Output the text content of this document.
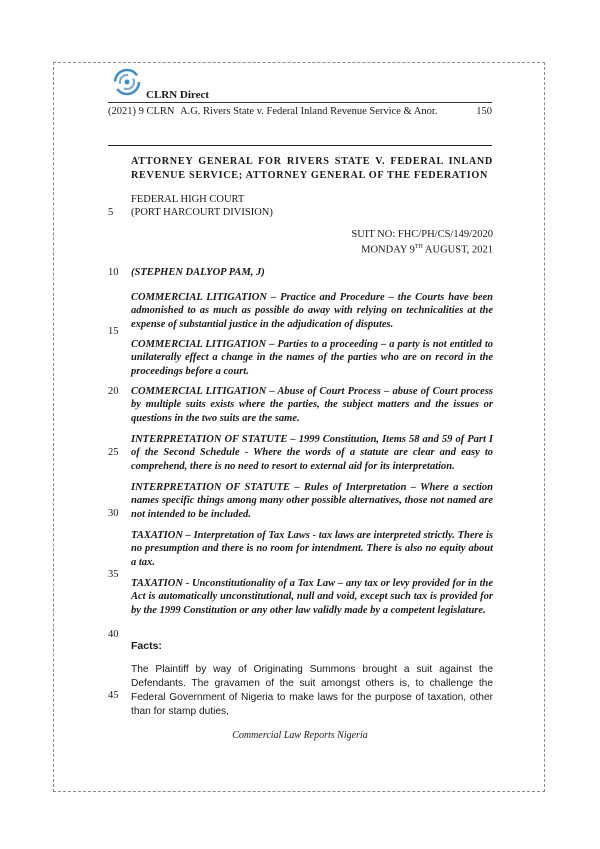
CLRN Direct
(2021) 9 CLRN A.G. Rivers State v. Federal Inland Revenue Service & Anor.	150
ATTORNEY GENERAL FOR RIVERS STATE V. FEDERAL INLAND REVENUE SERVICE; ATTORNEY GENERAL OF THE FEDERATION
FEDERAL HIGH COURT
(PORT HARCOURT DIVISION)
SUIT NO: FHC/PH/CS/149/2020
MONDAY 9TH AUGUST, 2021
(STEPHEN DALYOP PAM, J)
COMMERCIAL LITIGATION – Practice and Procedure – the Courts have been admonished to as much as possible do away with relying on technicalities at the expense of substantial justice in the adjudication of disputes.
COMMERCIAL LITIGATION – Parties to a proceeding – a party is not entitled to unilaterally effect a change in the names of the parties who are on record in the proceedings before a court.
COMMERCIAL LITIGATION – Abuse of Court Process – abuse of Court process by multiple suits exists where the parties, the subject matters and the issues or questions in the two suits are the same.
INTERPRETATION OF STATUTE – 1999 Constitution, Items 58 and 59 of Part I of the Second Schedule - Where the words of a statute are clear and easy to comprehend, there is no need to resort to external aid for its interpretation.
INTERPRETATION OF STATUTE – Rules of Interpretation – Where a section names specific things among many other possible alternatives, those not named are not intended to be included.
TAXATION – Interpretation of Tax Laws - tax laws are interpreted strictly. There is no presumption and there is no room for intendment. There is also no equity about a tax.
TAXATION - Unconstitutionality of a Tax Law – any tax or levy provided for in the Act is automatically unconstitutional, null and void, except such tax is provided for by the 1999 Constitution or any other law validly made by a competent legislature.
5
10
15
20
25
30
35
40
45
Facts:
The Plaintiff by way of Originating Summons brought a suit against the Defendants. The gravamen of the suit amongst others is, to challenge the Federal Government of Nigeria to make laws for the purpose of taxation, other than for stamp duties,
Commercial Law Reports Nigeria
